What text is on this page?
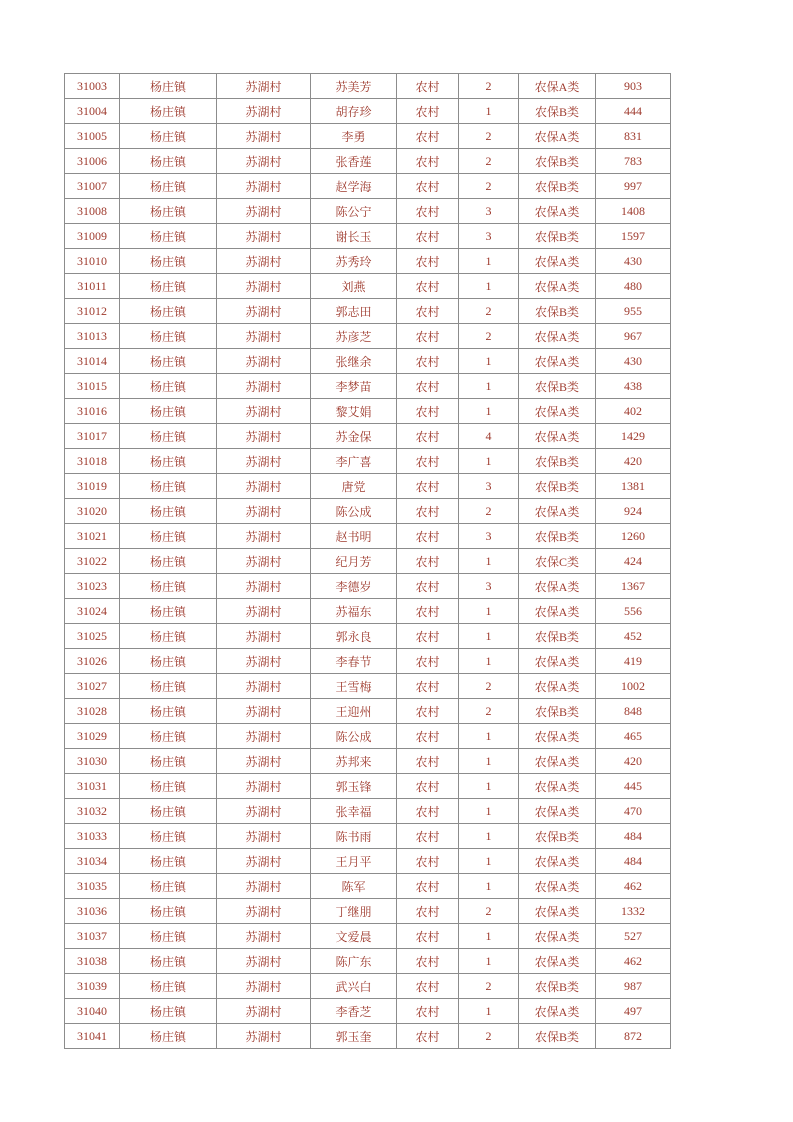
31003	杨庄镇	苏湖村	苏美芳	农村	2	农保A类	903
31004	杨庄镇	苏湖村	胡存珍	农村	1	农保B类	444
31005	杨庄镇	苏湖村	李勇	农村	2	农保A类	831
31006	杨庄镇	苏湖村	张香莲	农村	2	农保B类	783
31007	杨庄镇	苏湖村	赵学海	农村	2	农保B类	997
31008	杨庄镇	苏湖村	陈公宁	农村	3	农保A类	1408
31009	杨庄镇	苏湖村	谢长玉	农村	3	农保B类	1597
31010	杨庄镇	苏湖村	苏秀玲	农村	1	农保A类	430
31011	杨庄镇	苏湖村	刘燕	农村	1	农保A类	480
31012	杨庄镇	苏湖村	郭志田	农村	2	农保B类	955
31013	杨庄镇	苏湖村	苏彦芝	农村	2	农保A类	967
31014	杨庄镇	苏湖村	张继余	农村	1	农保A类	430
31015	杨庄镇	苏湖村	李梦苗	农村	1	农保B类	438
31016	杨庄镇	苏湖村	黎艾娟	农村	1	农保A类	402
31017	杨庄镇	苏湖村	苏金保	农村	4	农保A类	1429
31018	杨庄镇	苏湖村	李广喜	农村	1	农保B类	420
31019	杨庄镇	苏湖村	唐党	农村	3	农保B类	1381
31020	杨庄镇	苏湖村	陈公成	农村	2	农保A类	924
31021	杨庄镇	苏湖村	赵书明	农村	3	农保B类	1260
31022	杨庄镇	苏湖村	纪月芳	农村	1	农保C类	424
31023	杨庄镇	苏湖村	李德岁	农村	3	农保A类	1367
31024	杨庄镇	苏湖村	苏福东	农村	1	农保A类	556
31025	杨庄镇	苏湖村	郭永良	农村	1	农保B类	452
31026	杨庄镇	苏湖村	李春节	农村	1	农保A类	419
31027	杨庄镇	苏湖村	王雪梅	农村	2	农保A类	1002
31028	杨庄镇	苏湖村	王迎州	农村	2	农保B类	848
31029	杨庄镇	苏湖村	陈公成	农村	1	农保A类	465
31030	杨庄镇	苏湖村	苏邦来	农村	1	农保A类	420
31031	杨庄镇	苏湖村	郭玉锋	农村	1	农保A类	445
31032	杨庄镇	苏湖村	张幸福	农村	1	农保A类	470
31033	杨庄镇	苏湖村	陈书雨	农村	1	农保B类	484
31034	杨庄镇	苏湖村	王月平	农村	1	农保A类	484
31035	杨庄镇	苏湖村	陈军	农村	1	农保A类	462
31036	杨庄镇	苏湖村	丁继朋	农村	2	农保A类	1332
31037	杨庄镇	苏湖村	文爱晨	农村	1	农保A类	527
31038	杨庄镇	苏湖村	陈广东	农村	1	农保A类	462
31039	杨庄镇	苏湖村	武兴白	农村	2	农保B类	987
31040	杨庄镇	苏湖村	李香芝	农村	1	农保A类	497
31041	杨庄镇	苏湖村	郭玉奎	农村	2	农保B类	872
